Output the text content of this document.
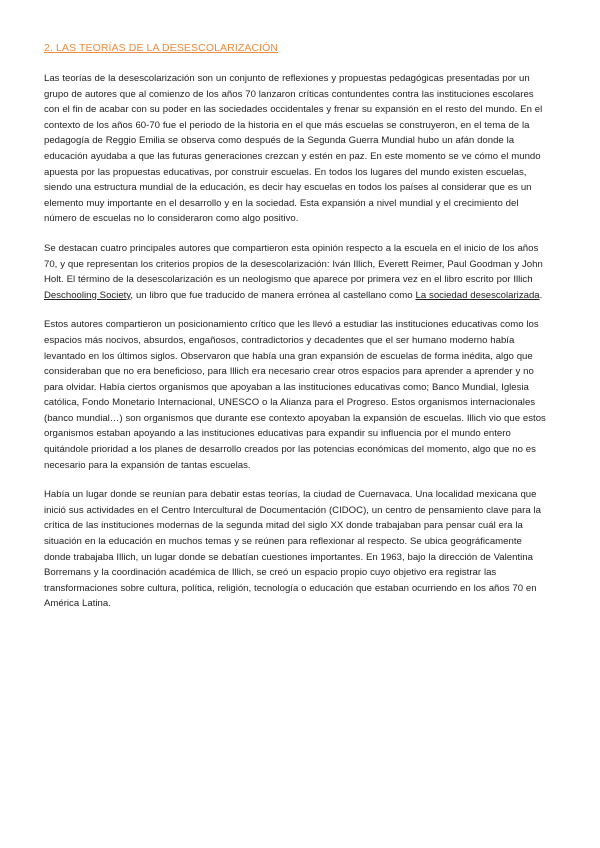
2. LAS TEORÍAS DE LA DESESCOLARIZACIÓN

Las teorías de la desescolarización son un conjunto de reflexiones y propuestas pedagógicas presentadas por un grupo de autores que al comienzo de los años 70 lanzaron críticas contundentes contra las instituciones escolares con el fin de acabar con su poder en las sociedades occidentales y frenar su expansión en el resto del mundo. En el contexto de los años 60-70 fue el periodo de la historia en el que más escuelas se construyeron, en el tema de la pedagogía de Reggio Emilia se observa como después de la Segunda Guerra Mundial hubo un afán donde la educación ayudaba a que las futuras generaciones crezcan y estén en paz. En este momento se ve cómo el mundo apuesta por las propuestas educativas, por construir escuelas. En todos los lugares del mundo existen escuelas, siendo una estructura mundial de la educación, es decir hay escuelas en todos los países al considerar que es un elemento muy importante en el desarrollo y en la sociedad. Esta expansión a nivel mundial y el crecimiento del número de escuelas no lo consideraron como algo positivo.

Se destacan cuatro principales autores que compartieron esta opinión respecto a la escuela en el inicio de los años 70, y que representan los criterios propios de la desescolarización: Iván Illich, Everett Reimer, Paul Goodman y John Holt. El término de la desescolarización es un neologismo que aparece por primera vez en el libro escrito por Illich Deschooling Society, un libro que fue traducido de manera errónea al castellano como La sociedad desescolarizada.

Estos autores compartieron un posicionamiento crítico que les llevó a estudiar las instituciones educativas como los espacios más nocivos, absurdos, engañosos, contradictorios y decadentes que el ser humano moderno había levantado en los últimos siglos. Observaron que había una gran expansión de escuelas de forma inédita, algo que consideraban que no era beneficioso, para Illich era necesario crear otros espacios para aprender a aprender y no para olvidar. Había ciertos organismos que apoyaban a las instituciones educativas como; Banco Mundial, Iglesia católica, Fondo Monetario Internacional, UNESCO o la Alianza para el Progreso. Estos organismos internacionales (banco mundial…) son organismos que durante ese contexto apoyaban la expansión de escuelas. Illich vio que estos organismos estaban apoyando a las instituciones educativas para expandir su influencia por el mundo entero quitándole prioridad a los planes de desarrollo creados por las potencias económicas del momento, algo que no es necesario para la expansión de tantas escuelas.

Había un lugar donde se reunían para debatir estas teorías, la ciudad de Cuernavaca. Una localidad mexicana que inició sus actividades en el Centro Intercultural de Documentación (CIDOC), un centro de pensamiento clave para la crítica de las instituciones modernas de la segunda mitad del siglo XX donde trabajaban para pensar cuál era la situación en la educación en muchos temas y se reúnen para reflexionar al respecto. Se ubica geográficamente donde trabajaba Illich, un lugar donde se debatían cuestiones importantes. En 1963, bajo la dirección de Valentina Borremans y la coordinación académica de Illich, se creó un espacio propio cuyo objetivo era registrar las transformaciones sobre cultura, política, religión, tecnología o educación que estaban ocurriendo en los años 70 en América Latina.
